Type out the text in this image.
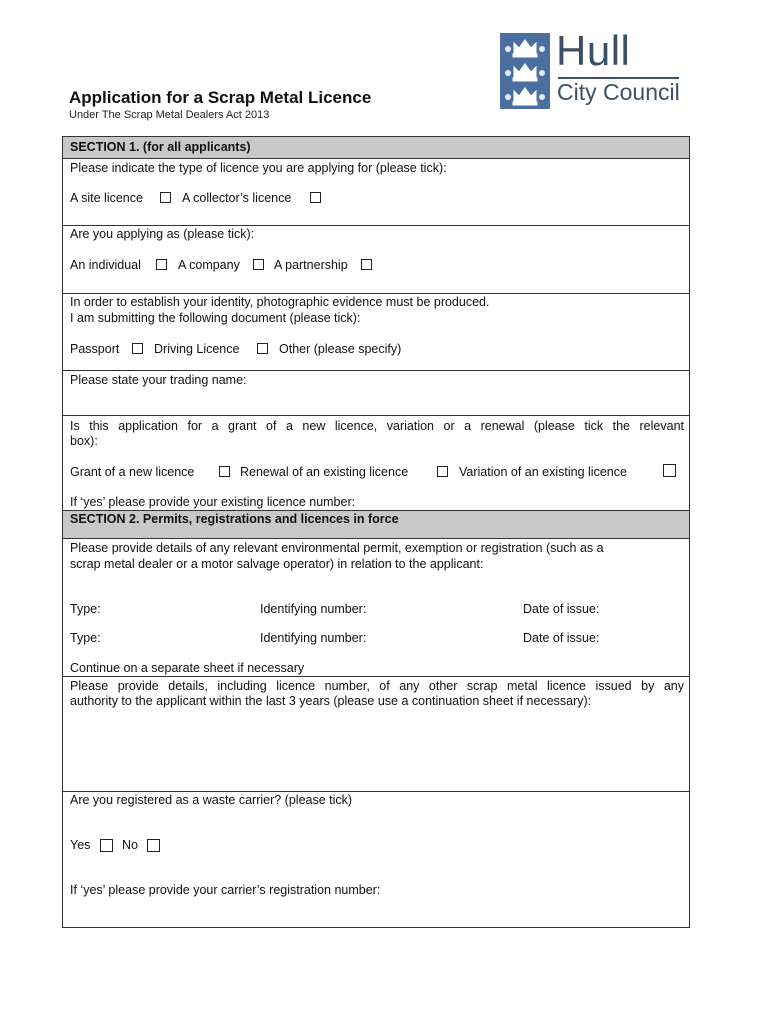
Hull
City Council
Application for a Scrap Metal Licence
Under The Scrap Metal Dealers Act 2013
SECTION 1. (for all applicants)
Please indicate the type of licence you are applying for (please tick):
A site licence	A collector’s licence
Are you applying as (please tick):
An individual	A company	A partnership
In order to establish your identity, photographic evidence must be produced.
I am submitting the following document (please tick):
Passport	Driving Licence	Other (please specify)
Please state your trading name:
Is this application for a grant of a new licence, variation or a renewal (please tick the relevant
box):
Grant of a new licence	Renewal of an existing licence	Variation of an existing licence
If ‘yes’ please provide your existing licence number:
SECTION 2. Permits, registrations and licences in force
Please provide details of any relevant environmental permit, exemption or registration (such as a
scrap metal dealer or a motor salvage operator) in relation to the applicant:
Type:	Identifying number:	Date of issue:
Type:	Identifying number:	Date of issue:
Continue on a separate sheet if necessary
Please provide details, including licence number, of any other scrap metal licence issued by any
authority to the applicant within the last 3 years (please use a continuation sheet if necessary):
Are you registered as a waste carrier? (please tick)
Yes	No
If ‘yes’ please provide your carrier’s registration number:
